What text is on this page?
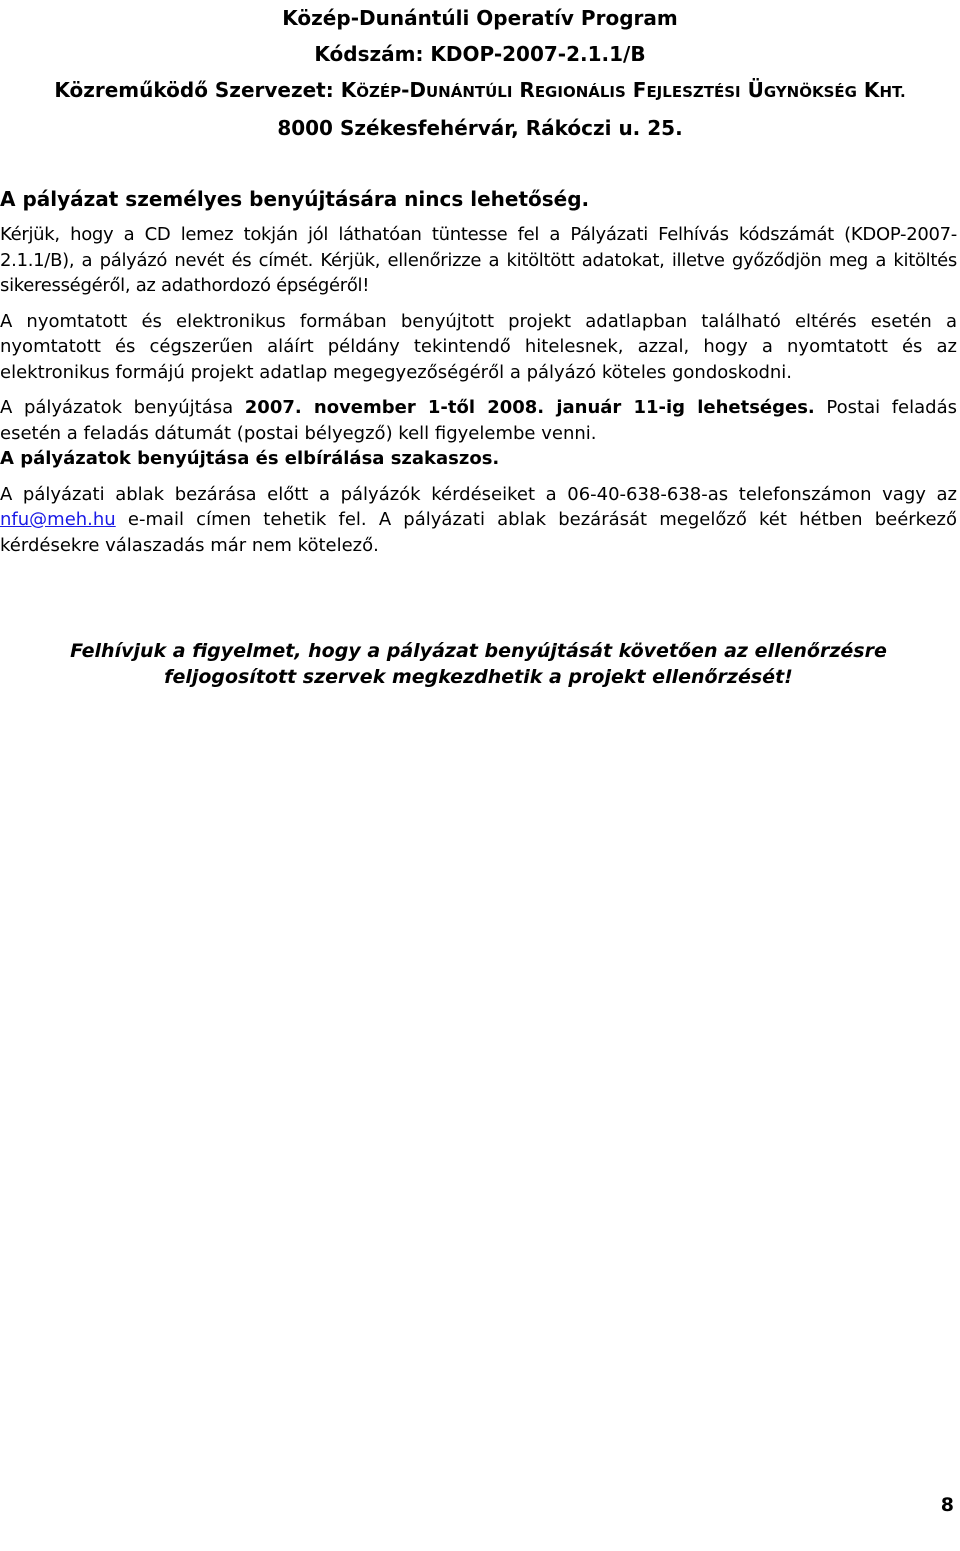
Közép-Dunántúli Operatív Program
Kódszám: KDOP-2007-2.1.1/B
Közreműködő Szervezet: KÖZÉP-DUNÁNTÚLI REGIONÁLIS FEJLESZTÉSI ÜGYNÖKSÉG KHT.
8000 Székesfehérvár, Rákóczi u. 25.
A pályázat személyes benyújtására nincs lehetőség.

Kérjük, hogy a CD lemez tokján jól láthatóan tüntesse fel a Pályázati Felhívás kódszámát (KDOP-2007-2.1.1/B), a pályázó nevét és címét. Kérjük, ellenőrizze a kitöltött adatokat, illetve győződjön meg a kitöltés sikerességéről, az adathordozó épségéről!

A nyomtatott és elektronikus formában benyújtott projekt adatlapban található eltérés esetén a nyomtatott és cégszerűen aláírt példány tekintendő hitelesnek, azzal, hogy a nyomtatott és az elektronikus formájú projekt adatlap megegyezőségéről a pályázó köteles gondoskodni.

A pályázatok benyújtása 2007. november 1-től 2008. január 11-ig lehetséges. Postai feladás esetén a feladás dátumát (postai bélyegző) kell figyelembe venni.
A pályázatok benyújtása és elbírálása szakaszos.

A pályázati ablak bezárása előtt a pályázók kérdéseiket a 06-40-638-638-as telefonszámon vagy az nfu@meh.hu e-mail címen tehetik fel. A pályázati ablak bezárását megelőző két hétben beérkező kérdésekre válaszadás már nem kötelező.

Felhívjuk a figyelmet, hogy a pályázat benyújtását követően az ellenőrzésre
feljogosított szervek megkezdhetik a projekt ellenőrzését!
8
